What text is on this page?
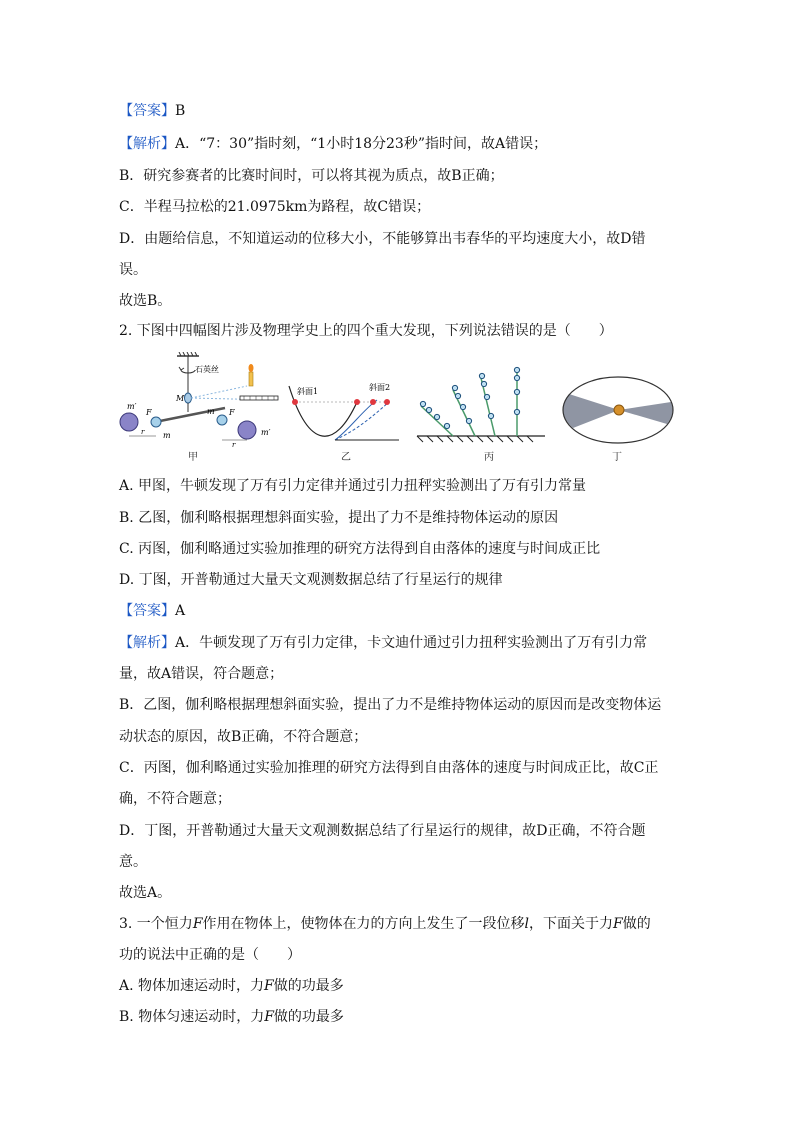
【答案】B
【解析】A．“7：30”指时刻，“1小时18分23秒”指时间，故A错误；
B．研究参赛者的比赛时间时，可以将其视为质点，故B正确；
C．半程马拉松的21.0975km为路程，故C错误；
D．由题给信息，不知道运动的位移大小，不能够算出韦春华的平均速度大小，故D错
误。
故选B。
2. 下图中四幅图片涉及物理学史上的四个重大发现，下列说法错误的是（　　）
石英丝
M
m′
m′
F	F
m
m
r
r
甲
斜面1	斜面2
乙	丙	丁
A. 甲图，牛顿发现了万有引力定律并通过引力扭秤实验测出了万有引力常量
B. 乙图，伽利略根据理想斜面实验，提出了力不是维持物体运动的原因
C. 丙图，伽利略通过实验加推理的研究方法得到自由落体的速度与时间成正比
D. 丁图，开普勒通过大量天文观测数据总结了行星运行的规律
【答案】A
【解析】A．牛顿发现了万有引力定律，卡文迪什通过引力扭秤实验测出了万有引力常
量，故A错误，符合题意；
B．乙图，伽利略根据理想斜面实验，提出了力不是维持物体运动的原因而是改变物体运
动状态的原因，故B正确，不符合题意；
C．丙图，伽利略通过实验加推理的研究方法得到自由落体的速度与时间成正比，故C正
确，不符合题意；
D．丁图，开普勒通过大量天文观测数据总结了行星运行的规律，故D正确，不符合题
意。
故选A。
3. 一个恒力F作用在物体上，使物体在力的方向上发生了一段位移l，下面关于力F做的
功的说法中正确的是（　　）
A. 物体加速运动时，力F做的功最多
B. 物体匀速运动时，力F做的功最多
